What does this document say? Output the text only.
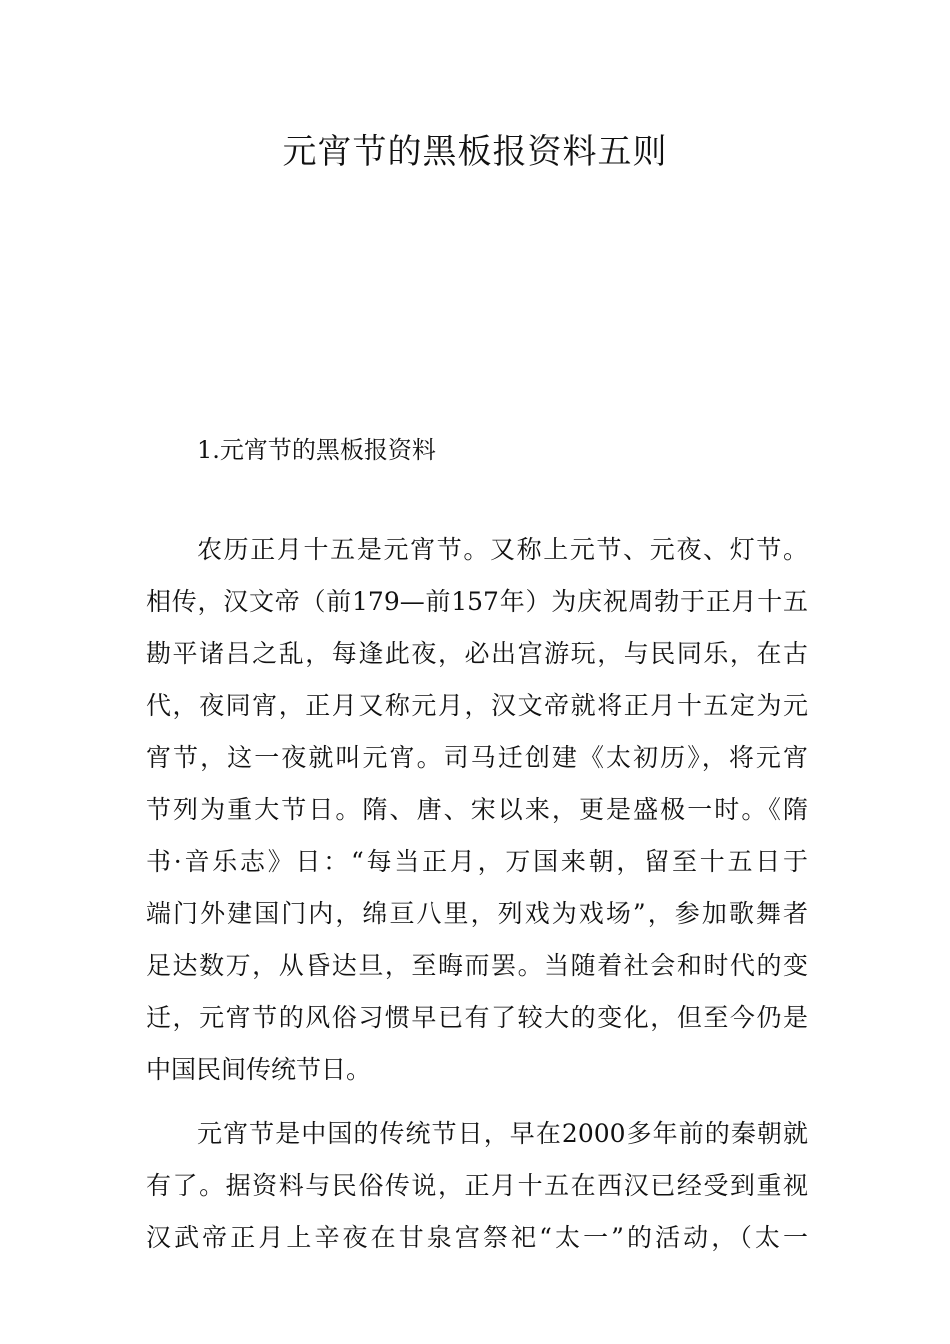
元宵节的黑板报资料五则
1.元宵节的黑板报资料
农历正月十五是元宵节。又称上元节、元夜、灯节。
相传，汉文帝（前179—前157年）为庆祝周勃于正月十五
勘平诸吕之乱，每逢此夜，必出宫游玩，与民同乐，在古
代，夜同宵，正月又称元月，汉文帝就将正月十五定为元
宵节，这一夜就叫元宵。司马迁创建《太初历》，将元宵
节列为重大节日。隋、唐、宋以来，更是盛极一时。《隋
书·音乐志》日：“每当正月，万国来朝，留至十五日于
端门外建国门内，绵亘八里，列戏为戏场”，参加歌舞者
足达数万，从昏达旦，至晦而罢。当随着社会和时代的变
迁，元宵节的风俗习惯早已有了较大的变化，但至今仍是
中国民间传统节日。
元宵节是中国的传统节日，早在2000多年前的秦朝就
有了。据资料与民俗传说，正月十五在西汉已经受到重视
汉武帝正月上辛夜在甘泉宫祭祀“太一”的活动，（太一
